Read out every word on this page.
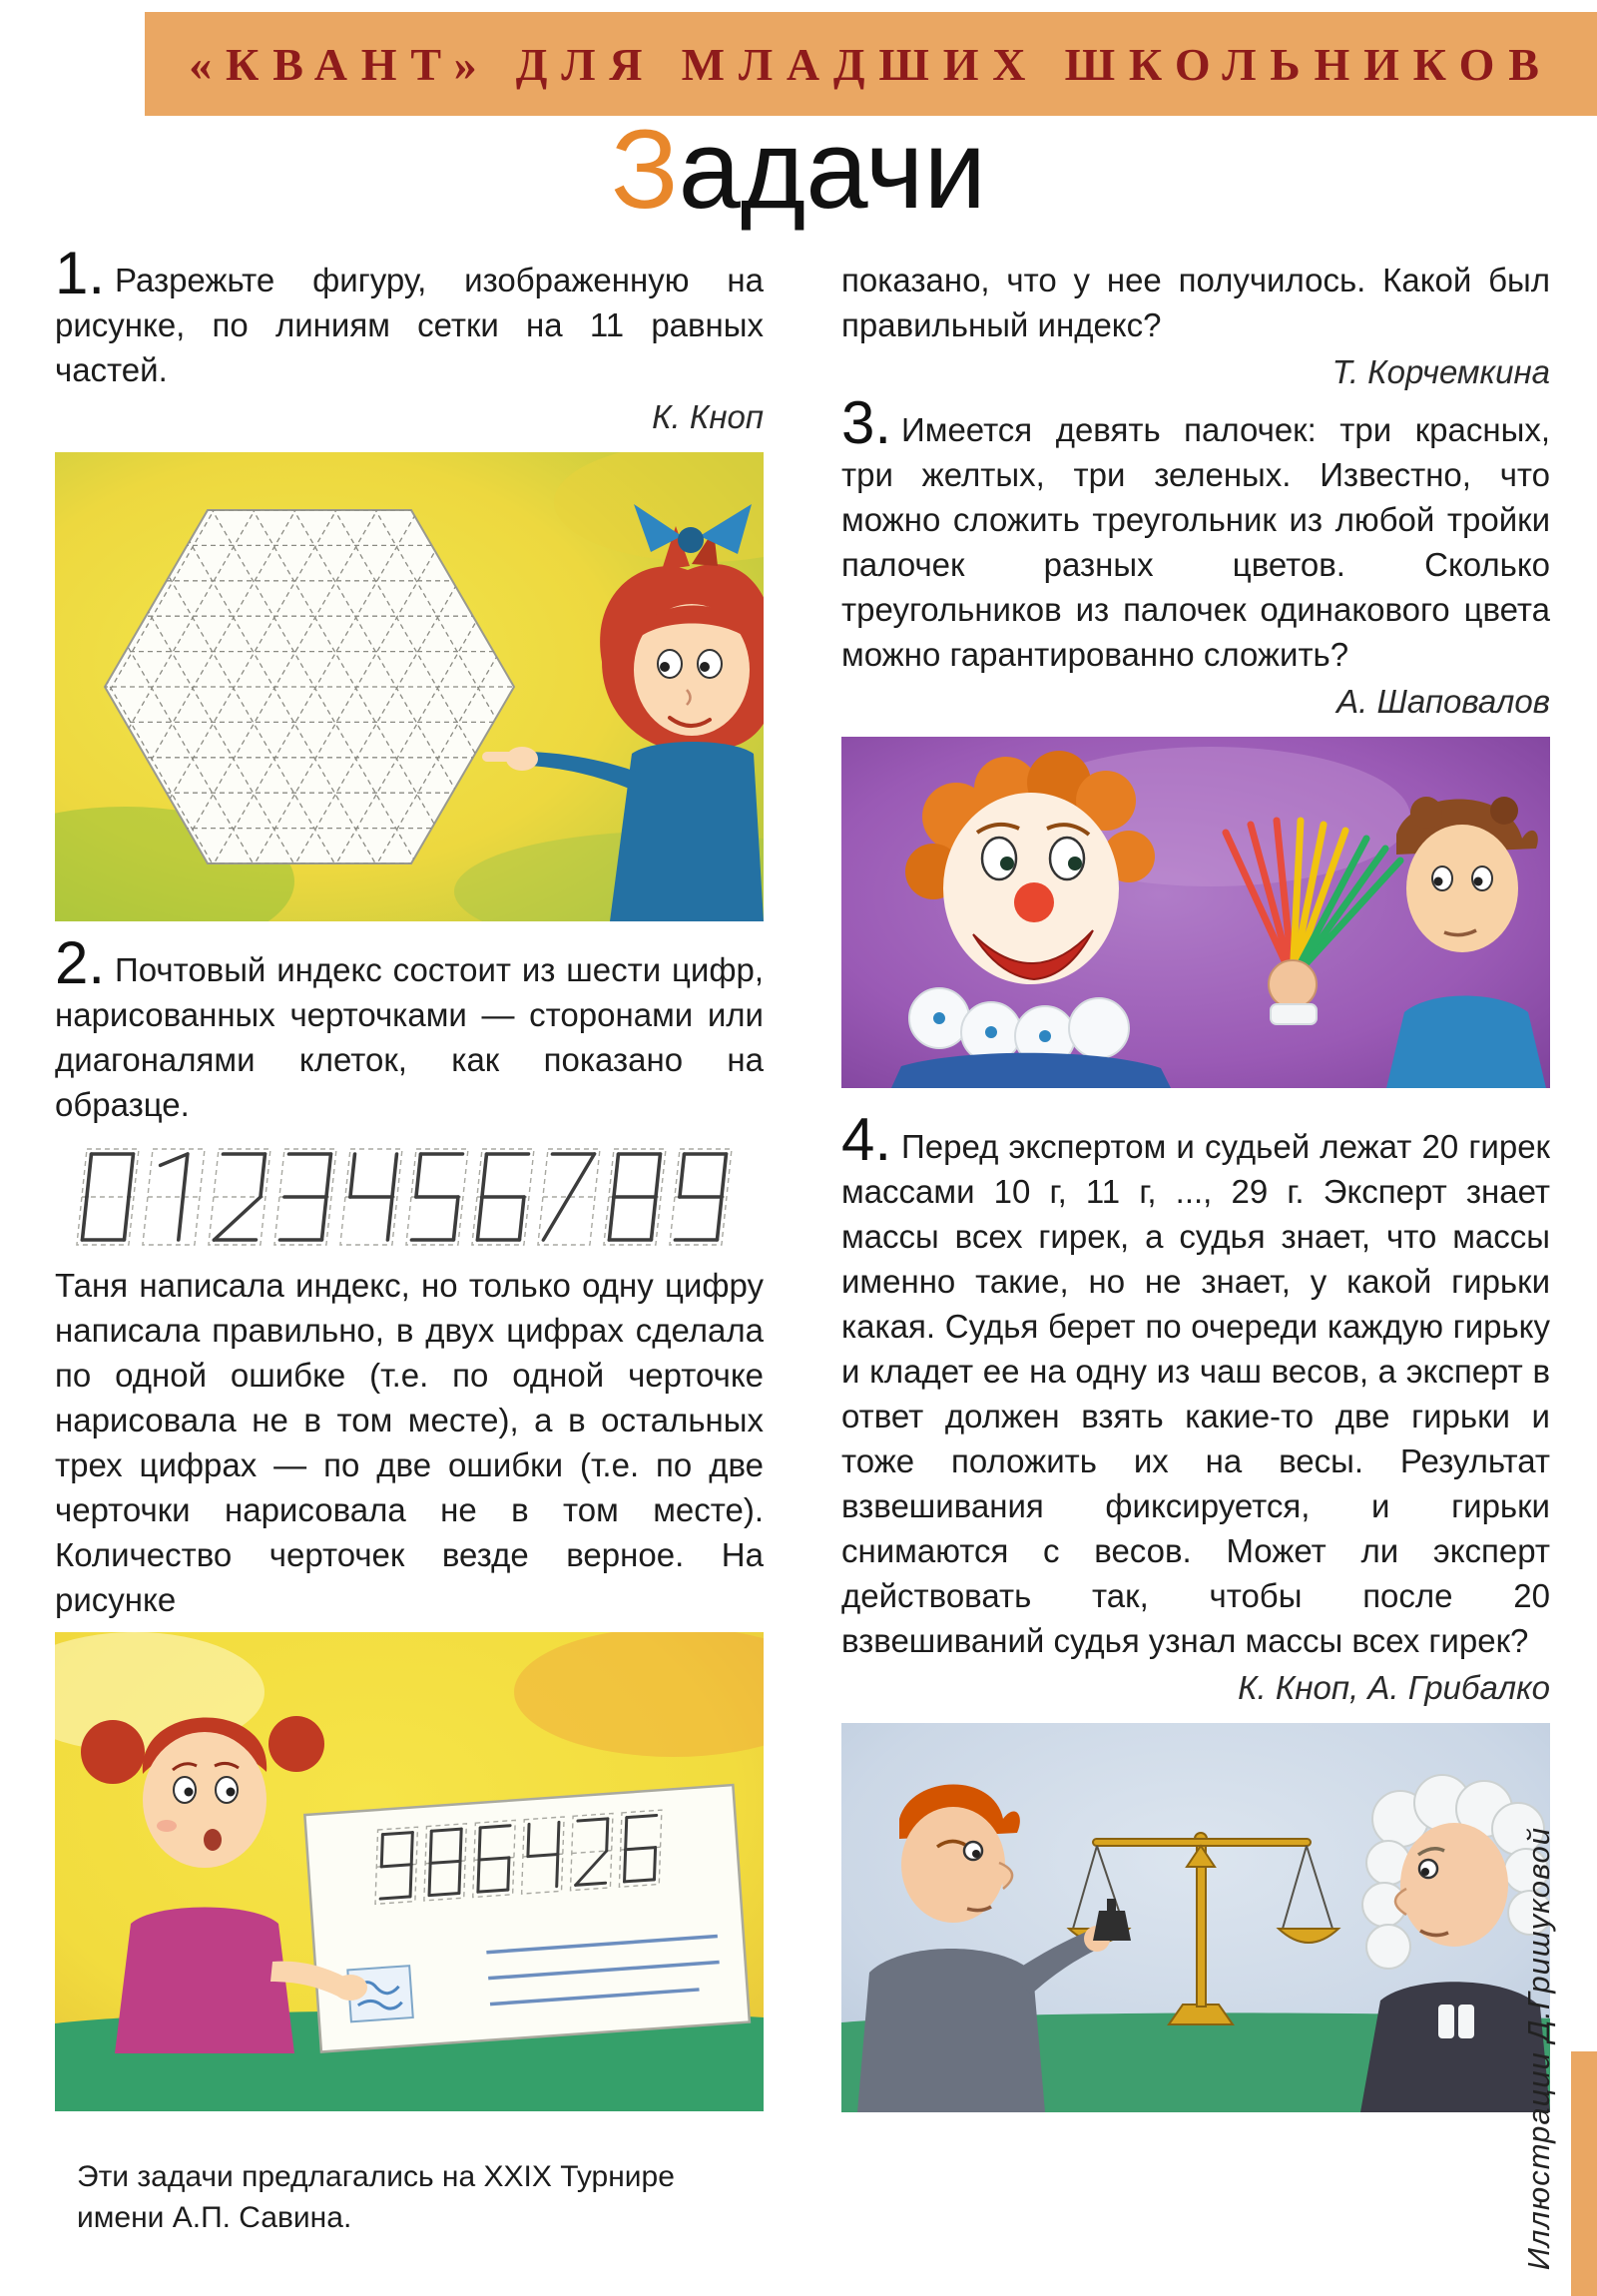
«КВАНТ» ДЛЯ МЛАДШИХ ШКОЛЬНИКОВ
Задачи

1. Разрежьте фигуру, изображенную на рисунке, по линиям сетки на 11 равных частей.

К. Кноп

2. Почтовый индекс состоит из шести цифр, нарисованных черточками — сторонами или диагоналями клеток, как показано на образце.

Таня написала индекс, но только одну цифру написала правильно, в двух цифрах сделала по одной ошибке (т.е. по одной черточке нарисовала не в том месте), а в остальных трех цифрах — по две ошибки (т.е. по две черточки нарисовала не в том месте). Количество черточек везде верное. На рисунке

Эти задачи предлагались на XXIX Турнире имени А.П. Савина.

показано, что у нее получилось. Какой был правильный индекс?

Т. Корчемкина

3. Имеется девять палочек: три красных, три желтых, три зеленых. Известно, что можно сложить треугольник из любой тройки палочек разных цветов. Сколько треугольников из палочек одинакового цвета можно гарантированно сложить?

А. Шаповалов

4. Перед экспертом и судьей лежат 20 гирек массами 10 г, 11 г, ..., 29 г. Эксперт знает массы всех гирек, а судья знает, что массы именно такие, но не знает, у какой гирьки какая. Судья берет по очереди каждую гирьку и кладет ее на одну из чаш весов, а эксперт в ответ должен взять какие-то две гирьки и тоже положить их на весы. Результат взвешивания фиксируется, и гирьки снимаются с весов. Может ли эксперт действовать так, чтобы после 20 взвешиваний судья узнал массы всех гирек?

К. Кноп, А. Грибалко

Иллюстрации Д.Гришуковой
